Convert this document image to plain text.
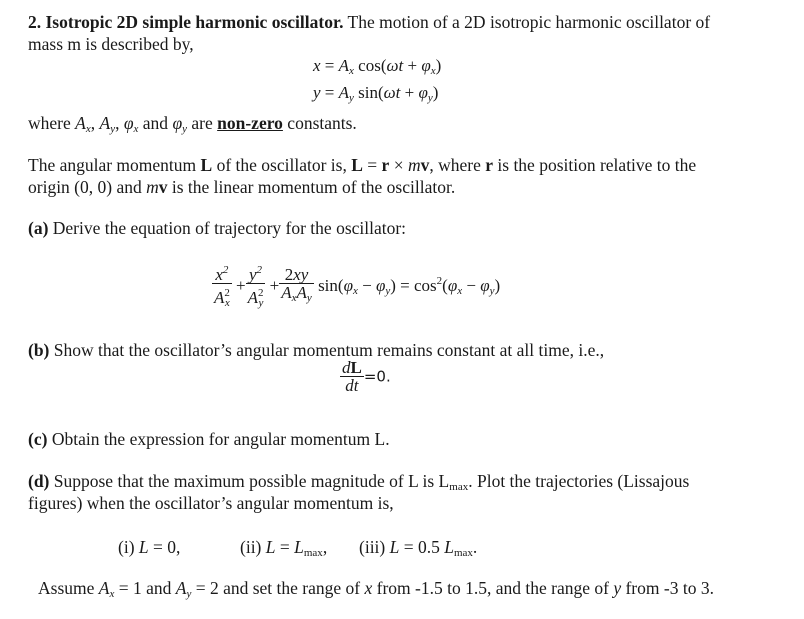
2. Isotropic 2D simple harmonic oscillator. The motion of a 2D isotropic harmonic oscillator of
mass m is described by,
$x = A_x$ $\cos(\omega t + \varphi_x)$
$y = A_y$ $\sin(\omega t + \varphi_y)$
where $A_x$, $A_y$, $\varphi_x$ and $\varphi_y$ are non-zero constants.
The angular momentum L of the oscillator is, L = r × mv, where r is the position relative to the
origin (0, 0) and mv is the linear momentum of the oscillator.
(a) Derive the equation of trajectory for the oscillator:
$\frac{x^2}{A^2_x} + \frac{y^2}{A^2_y} + \frac{2xy}{A_xA_y} \sin(\varphi_x - \varphi_y) = \cos^2(\varphi_x - \varphi_y)$
(b) Show that the oscillator’s angular momentum remains constant at all time, i.e.,
$\frac{dL}{dt} =0$.
(c) Obtain the expression for angular momentum L.
(d) Suppose that the maximum possible magnitude of L is $L_{max}$. Plot the trajectories (Lissajous
figures) when the oscillator’s angular momentum is,
(i) L = 0,	(ii) $L = L_{max}$, (iii) L = 0.5 $L_{max}$.
Assume $A_x = 1$ and $A_y = 2$ and set the range of x from -1.5 to 1.5, and the range of y from -3 to 3.
